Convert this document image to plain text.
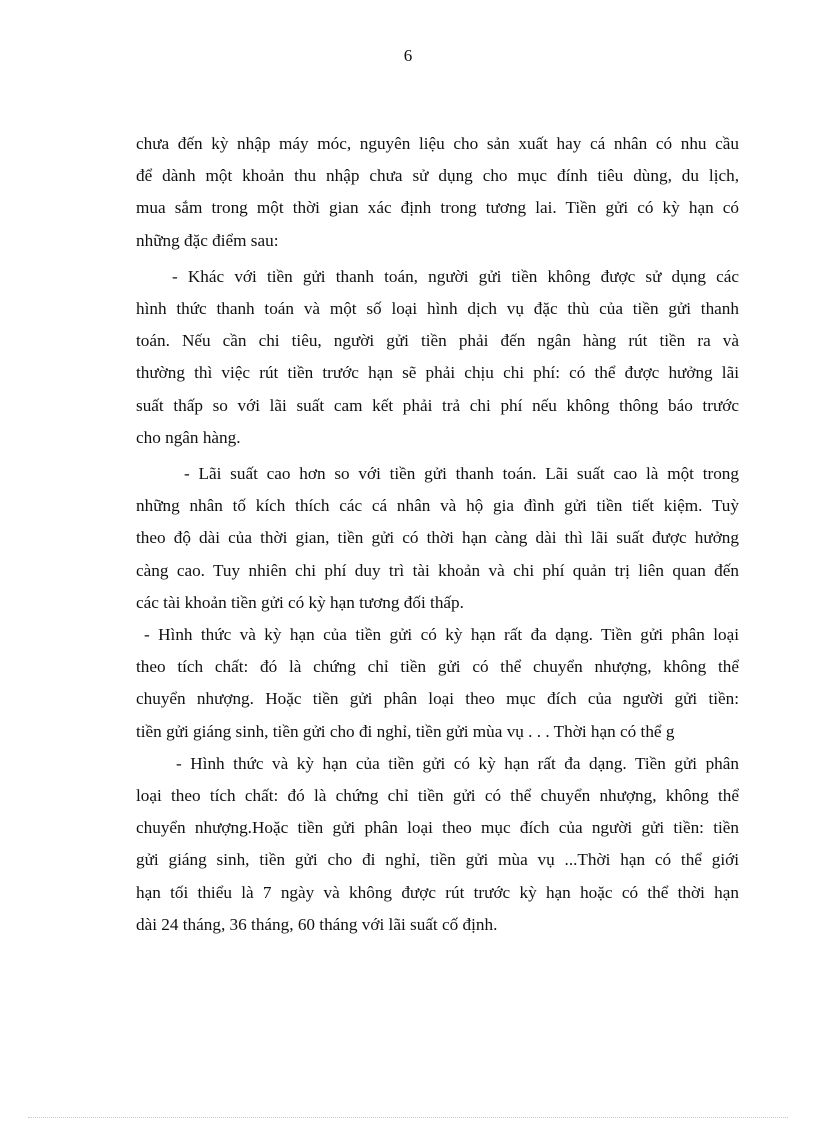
6
chưa đến kỳ nhập máy móc, nguyên liệu cho sản xuất hay cá nhân có nhu cầu
để dành một khoản thu nhập chưa sử dụng cho mục đính tiêu dùng, du lịch,
mua sắm trong một thời gian xác định trong tương lai. Tiền gửi có kỳ hạn có
những đặc điểm sau:
- Khác với tiền gửi thanh toán, người gửi tiền không được sử dụng các
hình thức thanh toán và một số loại hình dịch vụ đặc thù của tiền gửi thanh
toán. Nếu cần chi tiêu, người gửi tiền phải đến ngân hàng rút tiền ra và
thường thì việc rút tiền trước hạn sẽ phải chịu chi phí: có thể được hưởng lãi
suất thấp so với lãi suất cam kết phải trả chi phí nếu không thông báo trước
cho ngân hàng.
- Lãi suất cao hơn so với tiền gửi thanh toán. Lãi suất cao là một trong
những nhân tố kích thích các cá nhân và hộ gia đình gửi tiền tiết kiệm. Tuỳ
theo độ dài của thời gian, tiền gửi có thời hạn càng dài thì lãi suất được hưởng
càng cao. Tuy nhiên chi phí duy trì tài khoản và chi phí quản trị liên quan đến
các tài khoản tiền gửi có kỳ hạn tương đối thấp.
- Hình thức và kỳ hạn của tiền gửi có kỳ hạn rất đa dạng. Tiền gửi phân loại
theo tích chất: đó là chứng chỉ tiền gửi có thể chuyển nhượng, không thể
chuyển nhượng. Hoặc tiền gửi phân loại theo mục đích của người gửi tiền:
tiền gửi giáng sinh, tiền gửi cho đi nghỉ, tiền gửi mùa vụ . . . Thời hạn có thể g
- Hình thức và kỳ hạn của tiền gửi có kỳ hạn rất đa dạng. Tiền gửi phân
loại theo tích chất: đó là chứng chỉ tiền gửi có thể chuyển nhượng, không thể
chuyển nhượng.Hoặc tiền gửi phân loại theo mục đích của người gửi tiền: tiền
gửi giáng sinh, tiền gửi cho đi nghỉ, tiền gửi mùa vụ ...Thời hạn có thể giới
hạn tối thiểu là 7 ngày và không được rút trước kỳ hạn hoặc có thể thời hạn
dài 24 tháng, 36 tháng, 60 tháng với lãi suất cố định.
